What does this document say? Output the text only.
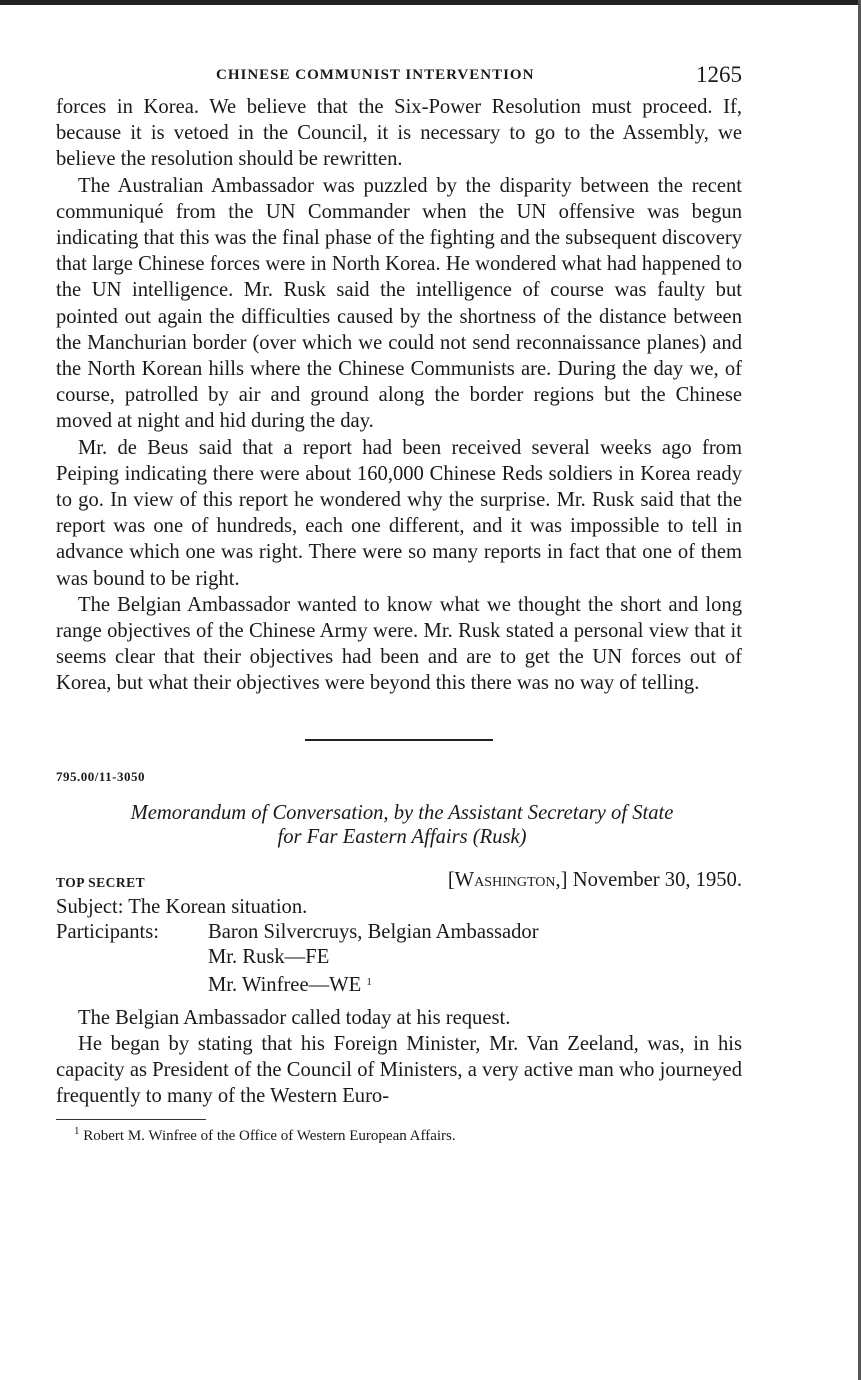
CHINESE COMMUNIST INTERVENTION	1265

forces in Korea. We believe that the Six-Power Resolution must proceed. If, because it is vetoed in the Council, it is necessary to go to the Assembly, we believe the resolution should be rewritten.

The Australian Ambassador was puzzled by the disparity between the recent communiqué from the UN Commander when the UN offensive was begun indicating that this was the final phase of the fighting and the subsequent discovery that large Chinese forces were in North Korea. He wondered what had happened to the UN intelligence. Mr. Rusk said the intelligence of course was faulty but pointed out again the difficulties caused by the shortness of the distance between the Manchurian border (over which we could not send reconnaissance planes) and the North Korean hills where the Chinese Communists are. During the day we, of course, patrolled by air and ground along the border regions but the Chinese moved at night and hid during the day.

Mr. de Beus said that a report had been received several weeks ago from Peiping indicating there were about 160,000 Chinese Reds soldiers in Korea ready to go. In view of this report he wondered why the surprise. Mr. Rusk said that the report was one of hundreds, each one different, and it was impossible to tell in advance which one was right. There were so many reports in fact that one of them was bound to be right.

The Belgian Ambassador wanted to know what we thought the short and long range objectives of the Chinese Army were. Mr. Rusk stated a personal view that it seems clear that their objectives had been and are to get the UN forces out of Korea, but what their objectives were beyond this there was no way of telling.

795.00/11-3050
Memorandum of Conversation, by the Assistant Secretary of State
for Far Eastern Affairs (Rusk)
TOP SECRET	[Washington,] November 30, 1950.
Subject: The Korean situation.
Participants: Baron Silvercruys, Belgian Ambassador
Mr. Rusk—FE
Mr. Winfree—WE $^1$

The Belgian Ambassador called today at his request.

He began by stating that his Foreign Minister, Mr. Van Zeeland, was, in his capacity as President of the Council of Ministers, a very active man who journeyed frequently to many of the Western Euro-

$^1$ Robert M. Winfree of the Office of Western European Affairs.
